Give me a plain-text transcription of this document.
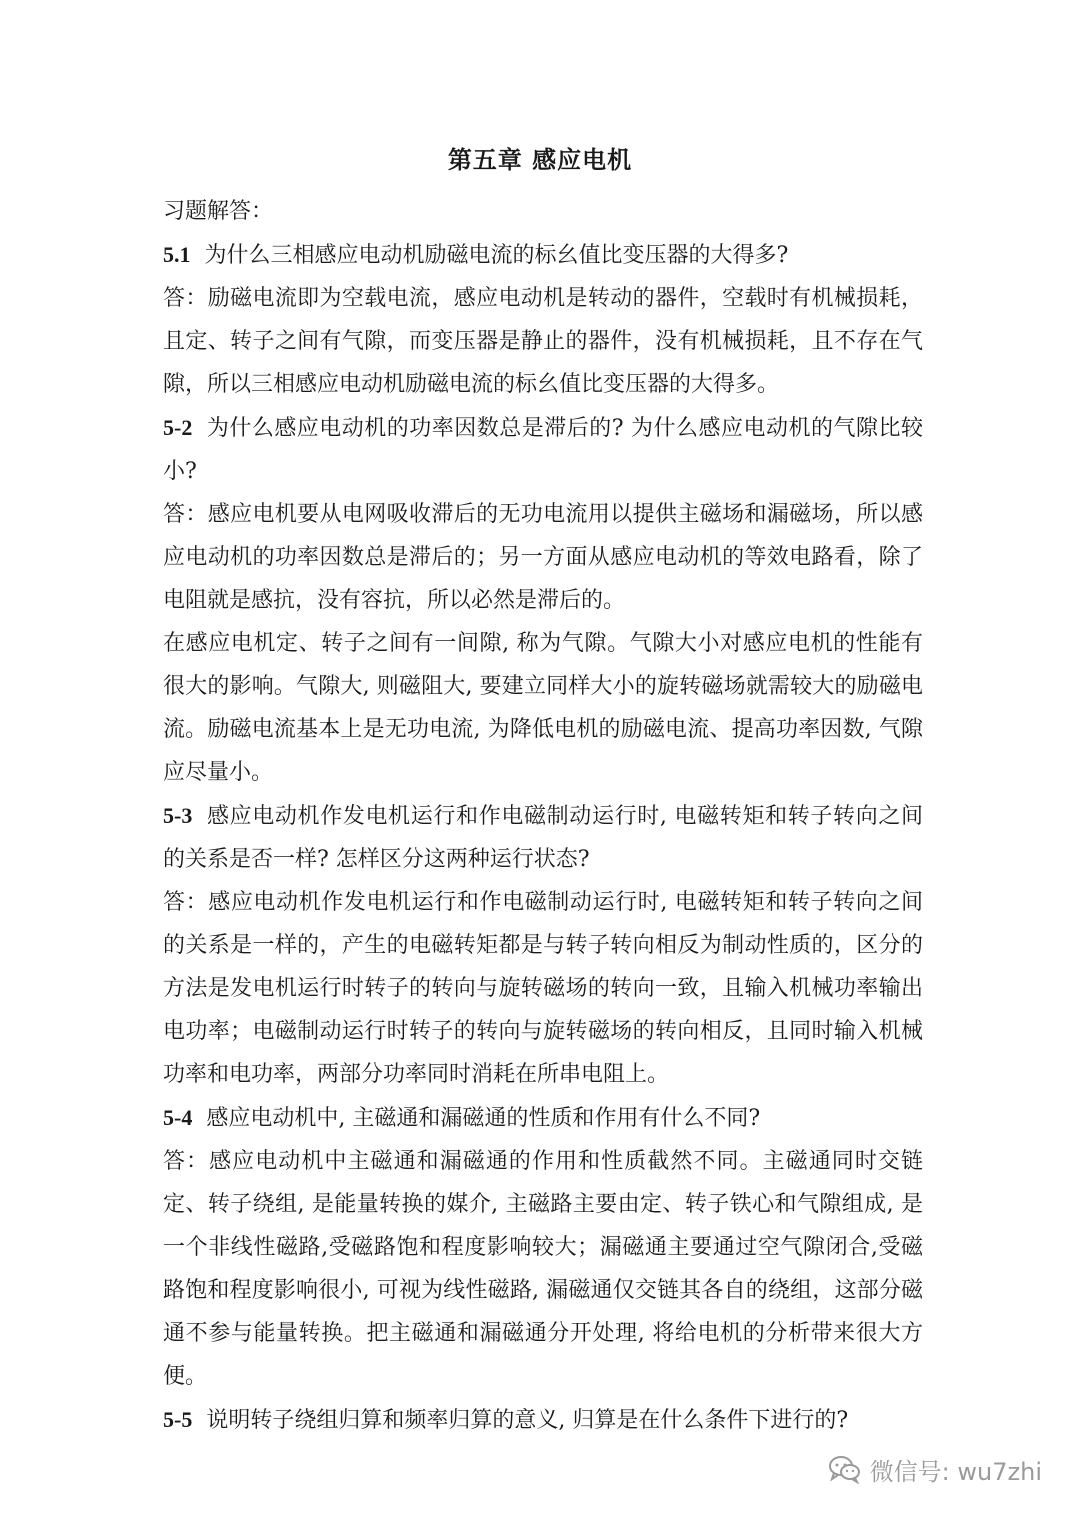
第五章 感应电机

习题解答：

5.1 为什么三相感应电动机励磁电流的标幺值比变压器的大得多?

答：励磁电流即为空载电流，感应电动机是转动的器件，空载时有机械损耗，且定、转子之间有气隙，而变压器是静止的器件，没有机械损耗，且不存在气隙，所以三相感应电动机励磁电流的标幺值比变压器的大得多。

5-2 为什么感应电动机的功率因数总是滞后的? 为什么感应电动机的气隙比较小?

答：感应电机要从电网吸收滞后的无功电流用以提供主磁场和漏磁场，所以感应电动机的功率因数总是滞后的；另一方面从感应电动机的等效电路看，除了电阻就是感抗，没有容抗，所以必然是滞后的。

在感应电机定、转子之间有一间隙, 称为气隙。气隙大小对感应电机的性能有很大的影响。气隙大, 则磁阻大, 要建立同样大小的旋转磁场就需较大的励磁电流。励磁电流基本上是无功电流, 为降低电机的励磁电流、提高功率因数, 气隙应尽量小。

5-3 感应电动机作发电机运行和作电磁制动运行时, 电磁转矩和转子转向之间的关系是否一样? 怎样区分这两种运行状态?

答：感应电动机作发电机运行和作电磁制动运行时, 电磁转矩和转子转向之间的关系是一样的，产生的电磁转矩都是与转子转向相反为制动性质的，区分的方法是发电机运行时转子的转向与旋转磁场的转向一致，且输入机械功率输出电功率；电磁制动运行时转子的转向与旋转磁场的转向相反，且同时输入机械功率和电功率，两部分功率同时消耗在所串电阻上。

5-4 感应电动机中, 主磁通和漏磁通的性质和作用有什么不同?

答：感应电动机中主磁通和漏磁通的作用和性质截然不同。主磁通同时交链定、转子绕组, 是能量转换的媒介, 主磁路主要由定、转子铁心和气隙组成, 是一个非线性磁路,受磁路饱和程度影响较大；漏磁通主要通过空气隙闭合,受磁路饱和程度影响很小, 可视为线性磁路, 漏磁通仅交链其各自的绕组，这部分磁通不参与能量转换。把主磁通和漏磁通分开处理, 将给电机的分析带来很大方便。

5-5 说明转子绕组归算和频率归算的意义, 归算是在什么条件下进行的?

微信号: wu7zhi
